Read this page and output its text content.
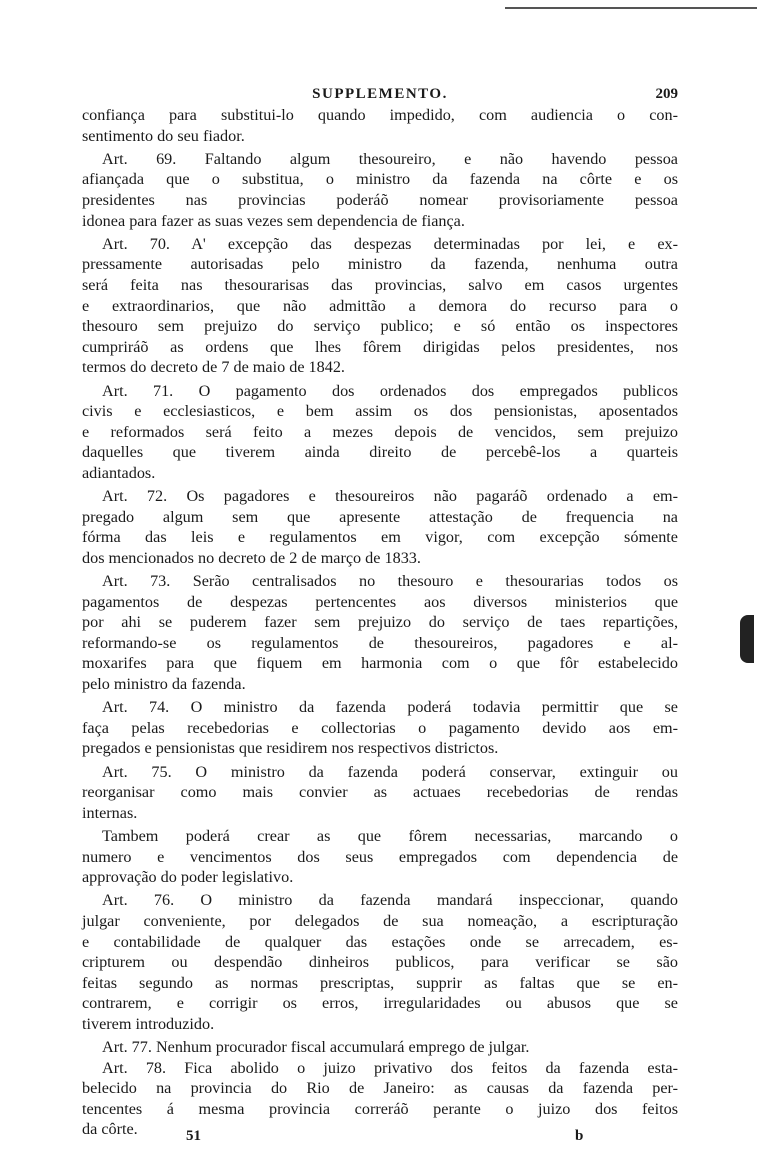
SUPPLEMENTO.	209
confiança para substitui-lo quando impedido, com audiencia o con-
sentimento do seu fiador.
Art. 69. Faltando algum thesoureiro, e não havendo pessoa
afiançada que o substitua, o ministro da fazenda na côrte e os
presidentes nas provincias poderáõ nomear provisoriamente pessoa
idonea para fazer as suas vezes sem dependencia de fiança.
Art. 70. A' excepção das despezas determinadas por lei, e ex-
pressamente autorisadas pelo ministro da fazenda, nenhuma outra
será feita nas thesourarisas das provincias, salvo em casos urgentes
e extraordinarios, que não admittão a demora do recurso para o
thesouro sem prejuizo do serviço publico; e só então os inspectores
cumpriráõ as ordens que lhes fôrem dirigidas pelos presidentes, nos
termos do decreto de 7 de maio de 1842.
Art. 71. O pagamento dos ordenados dos empregados publicos
civis e ecclesiasticos, e bem assim os dos pensionistas, aposentados
e reformados será feito a mezes depois de vencidos, sem prejuizo
daquelles que tiverem ainda direito de percebê-los a quarteis
adiantados.
Art. 72. Os pagadores e thesoureiros não pagaráõ ordenado a em-
pregado algum sem que apresente attestação de frequencia na
fórma das leis e regulamentos em vigor, com excepção sómente
dos mencionados no decreto de 2 de março de 1833.
Art. 73. Serão centralisados no thesouro e thesourarias todos os
pagamentos de despezas pertencentes aos diversos ministerios que
por ahi se puderem fazer sem prejuizo do serviço de taes repartições,
reformando-se os regulamentos de thesoureiros, pagadores e al-
moxarifes para que fiquem em harmonia com o que fôr estabelecido
pelo ministro da fazenda.
Art. 74. O ministro da fazenda poderá todavia permittir que se
faça pelas recebedorias e collectorias o pagamento devido aos em-
pregados e pensionistas que residirem nos respectivos districtos.
Art. 75. O ministro da fazenda poderá conservar, extinguir ou
reorganisar como mais convier as actuaes recebedorias de rendas
internas.
Tambem poderá crear as que fôrem necessarias, marcando o
numero e vencimentos dos seus empregados com dependencia de
approvação do poder legislativo.
Art. 76. O ministro da fazenda mandará inspeccionar, quando
julgar conveniente, por delegados de sua nomeação, a escripturação
e contabilidade de qualquer das estações onde se arrecadem, es-
cripturem ou despendão dinheiros publicos, para verificar se são
feitas segundo as normas prescriptas, supprir as faltas que se en-
contrarem, e corrigir os erros, irregularidades ou abusos que se
tiverem introduzido.
Art. 77. Nenhum procurador fiscal accumulará emprego de julgar.
Art. 78. Fica abolido o juizo privativo dos feitos da fazenda esta-
belecido na provincia do Rio de Janeiro: as causas da fazenda per-
tencentes á mesma provincia correráõ perante o juizo dos feitos
da côrte.	51	b
